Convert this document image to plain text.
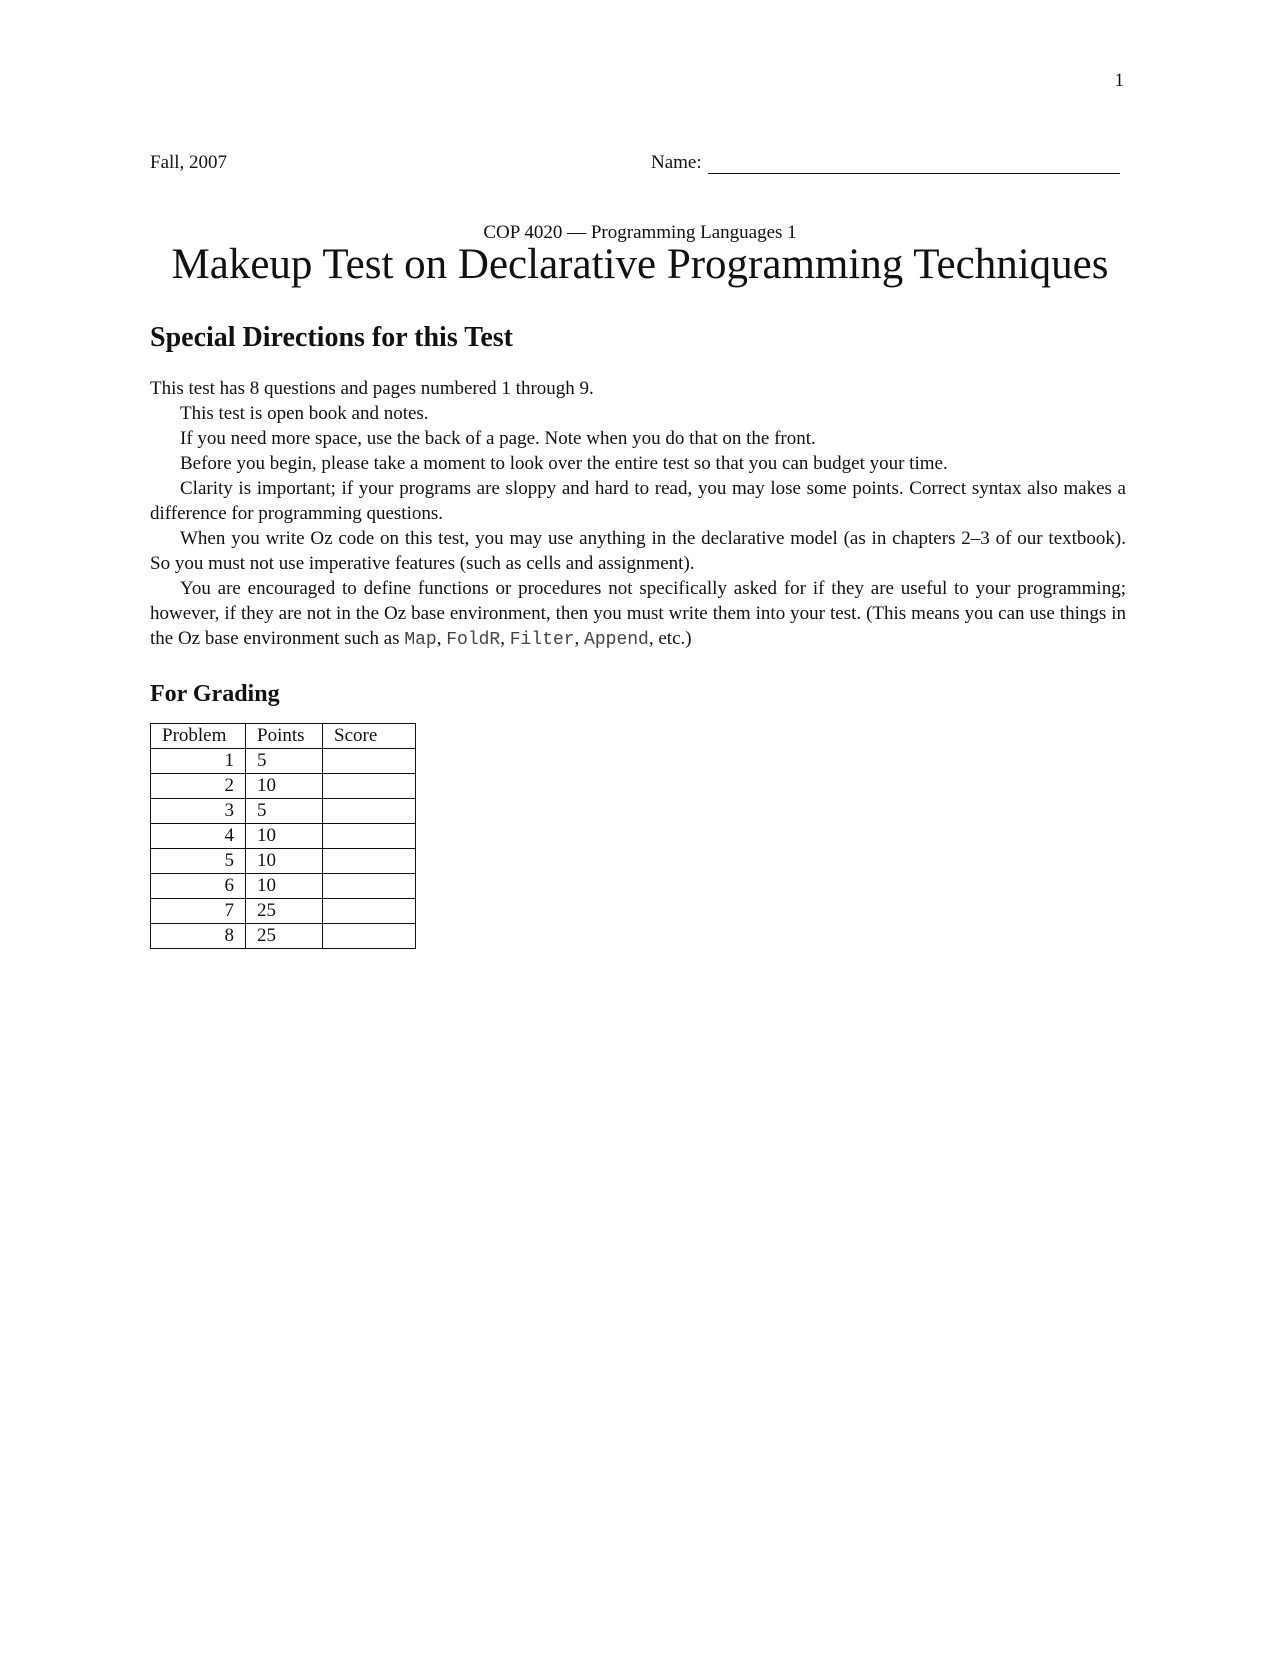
1
Fall, 2007	Name:
COP 4020 — Programming Languages 1
Makeup Test on Declarative Programming Techniques
Special Directions for this Test

This test has 8 questions and pages numbered 1 through 9.

This test is open book and notes.

If you need more space, use the back of a page. Note when you do that on the front.

Before you begin, please take a moment to look over the entire test so that you can budget your time.

Clarity is important; if your programs are sloppy and hard to read, you may lose some points. Correct syntax also makes a difference for programming questions.

When you write Oz code on this test, you may use anything in the declarative model (as in chapters 2–3 of our textbook). So you must not use imperative features (such as cells and assignment).

You are encouraged to define functions or procedures not specifically asked for if they are useful to your programming; however, if they are not in the Oz base environment, then you must write them into your test. (This means you can use things in the Oz base environment such as Map, FoldR, Filter, Append, etc.)

For Grading
Problem	Points	Score
1	5	
2	10	
3	5	
4	10	
5	10	
6	10	
7	25	
8	25	
